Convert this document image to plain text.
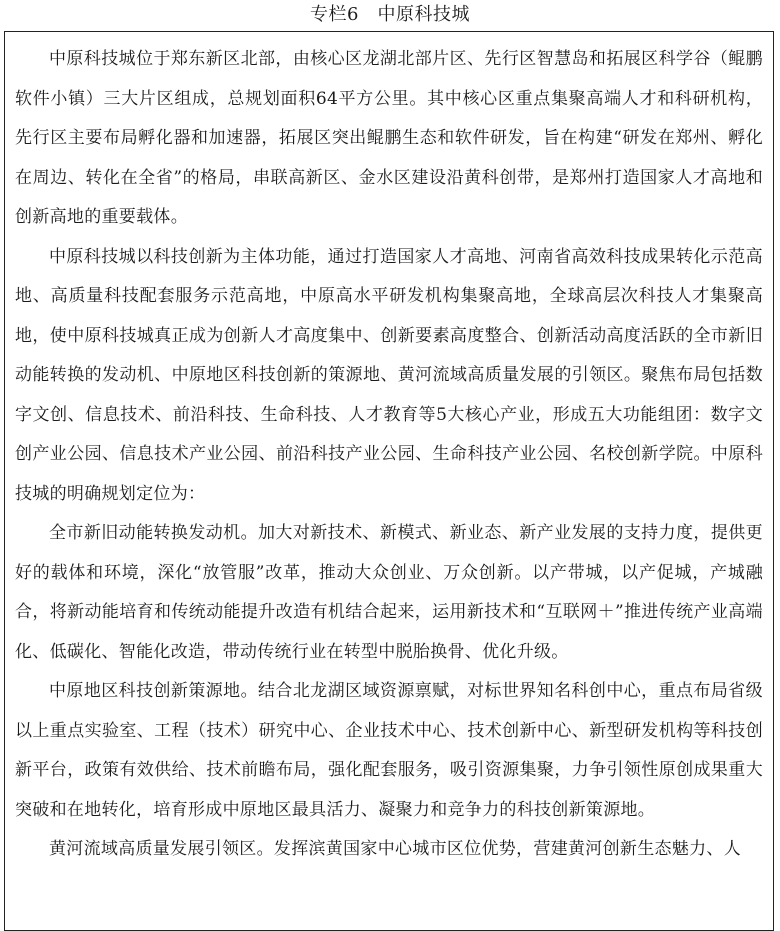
专栏6　中原科技城

中原科技城位于郑东新区北部，由核心区龙湖北部片区、先行区智慧岛和拓展区科学谷（鲲鹏软件小镇）三大片区组成，总规划面积64平方公里。其中核心区重点集聚高端人才和科研机构，先行区主要布局孵化器和加速器，拓展区突出鲲鹏生态和软件研发，旨在构建“研发在郑州、孵化在周边、转化在全省”的格局，串联高新区、金水区建设沿黄科创带，是郑州打造国家人才高地和创新高地的重要载体。

中原科技城以科技创新为主体功能，通过打造国家人才高地、河南省高效科技成果转化示范高地、高质量科技配套服务示范高地，中原高水平研发机构集聚高地，全球高层次科技人才集聚高地，使中原科技城真正成为创新人才高度集中、创新要素高度整合、创新活动高度活跃的全市新旧动能转换的发动机、中原地区科技创新的策源地、黄河流域高质量发展的引领区。聚焦布局包括数字文创、信息技术、前沿科技、生命科技、人才教育等5大核心产业，形成五大功能组团：数字文创产业公园、信息技术产业公园、前沿科技产业公园、生命科技产业公园、名校创新学院。中原科技城的明确规划定位为：

全市新旧动能转换发动机。加大对新技术、新模式、新业态、新产业发展的支持力度，提供更好的载体和环境，深化“放管服”改革，推动大众创业、万众创新。以产带城，以产促城，产城融合，将新动能培育和传统动能提升改造有机结合起来，运用新技术和“互联网＋”推进传统产业高端化、低碳化、智能化改造，带动传统行业在转型中脱胎换骨、优化升级。

中原地区科技创新策源地。结合北龙湖区域资源禀赋，对标世界知名科创中心，重点布局省级以上重点实验室、工程（技术）研究中心、企业技术中心、技术创新中心、新型研发机构等科技创新平台，政策有效供给、技术前瞻布局，强化配套服务，吸引资源集聚，力争引领性原创成果重大突破和在地转化，培育形成中原地区最具活力、凝聚力和竞争力的科技创新策源地。

黄河流域高质量发展引领区。发挥滨黄国家中心城市区位优势，营建黄河创新生态魅力、人
